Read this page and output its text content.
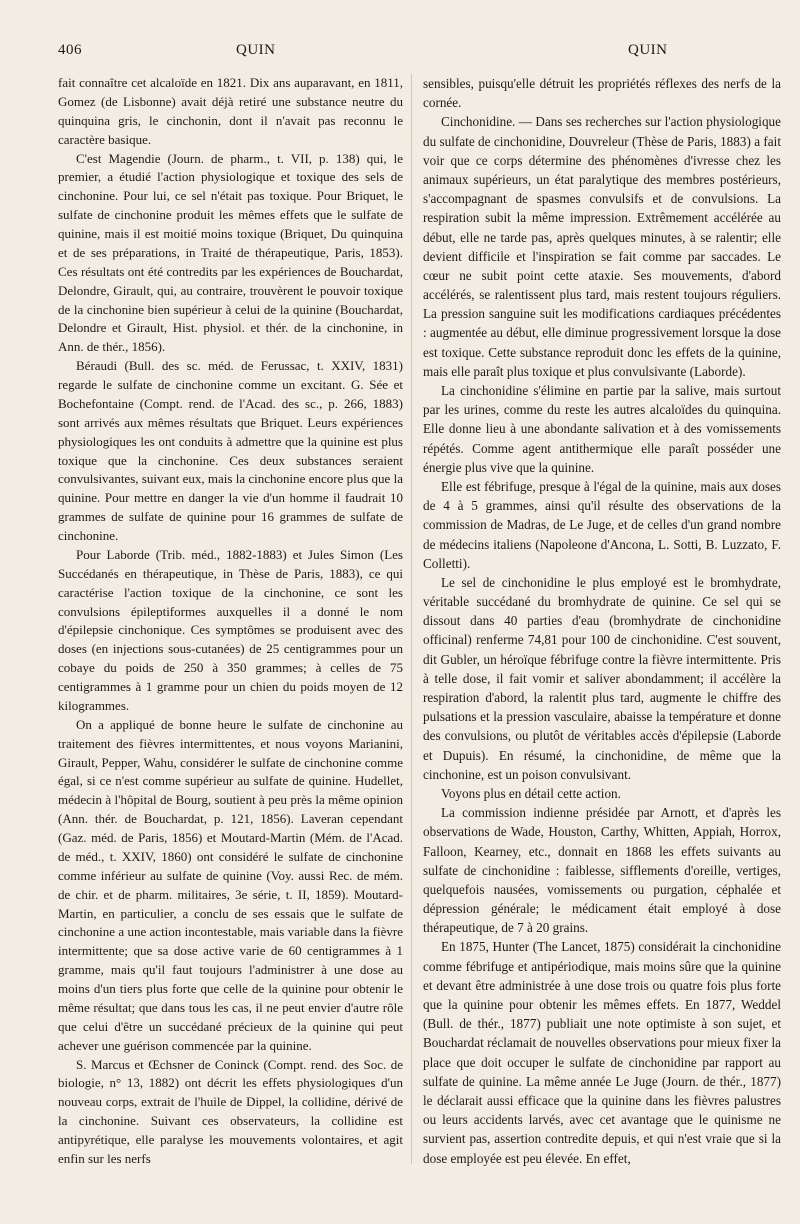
406	QUIN	QUIN

fait connaître cet alcaloïde en 1821. Dix ans auparavant, en 1811, Gomez (de Lisbonne) avait déjà retiré une substance neutre du quinquina gris, le cinchonin, dont il n'avait pas reconnu le caractère basique.

C'est Magendie (Journ. de pharm., t. VII, p. 138) qui, le premier, a étudié l'action physiologique et toxique des sels de cinchonine. Pour lui, ce sel n'était pas toxique. Pour Briquet, le sulfate de cinchonine produit les mêmes effets que le sulfate de quinine, mais il est moitié moins toxique (Briquet, Du quinquina et de ses préparations, in Traité de thérapeutique, Paris, 1853). Ces résultats ont été contredits par les expériences de Bouchardat, Delondre, Girault, qui, au contraire, trouvèrent le pouvoir toxique de la cinchonine bien supérieur à celui de la quinine (Bouchardat, Delondre et Girault, Hist. physiol. et thér. de la cinchonine, in Ann. de thér., 1856).

Béraudi (Bull. des sc. méd. de Ferussac, t. XXIV, 1831) regarde le sulfate de cinchonine comme un excitant. G. Sée et Bochefontaine (Compt. rend. de l'Acad. des sc., p. 266, 1883) sont arrivés aux mêmes résultats que Briquet. Leurs expériences physiologiques les ont conduits à admettre que la quinine est plus toxique que la cinchonine. Ces deux substances seraient convulsivantes, suivant eux, mais la cinchonine encore plus que la quinine. Pour mettre en danger la vie d'un homme il faudrait 10 grammes de sulfate de quinine pour 16 grammes de sulfate de cinchonine.

Pour Laborde (Trib. méd., 1882-1883) et Jules Simon (Les Succédanés en thérapeutique, in Thèse de Paris, 1883), ce qui caractérise l'action toxique de la cinchonine, ce sont les convulsions épileptiformes auxquelles il a donné le nom d'épilepsie cinchonique. Ces symptômes se produisent avec des doses (en injections sous-cutanées) de 25 centigrammes pour un cobaye du poids de 250 à 350 grammes; à celles de 75 centigrammes à 1 gramme pour un chien du poids moyen de 12 kilogrammes.

On a appliqué de bonne heure le sulfate de cinchonine au traitement des fièvres intermittentes, et nous voyons Marianini, Girault, Pepper, Wahu, considérer le sulfate de cinchonine comme égal, si ce n'est comme supérieur au sulfate de quinine. Hudellet, médecin à l'hôpital de Bourg, soutient à peu près la même opinion (Ann. thér. de Bouchardat, p. 121, 1856). Laveran cependant (Gaz. méd. de Paris, 1856) et Moutard-Martin (Mém. de l'Acad. de méd., t. XXIV, 1860) ont considéré le sulfate de cinchonine comme inférieur au sulfate de quinine (Voy. aussi Rec. de mém. de chir. et de pharm. militaires, 3e série, t. II, 1859). Moutard-Martin, en particulier, a conclu de ses essais que le sulfate de cinchonine a une action incontestable, mais variable dans la fièvre intermittente; que sa dose active varie de 60 centigrammes à 1 gramme, mais qu'il faut toujours l'administrer à une dose au moins d'un tiers plus forte que celle de la quinine pour obtenir le même résultat; que dans tous les cas, il ne peut envier d'autre rôle que celui d'être un succédané précieux de la quinine qui peut achever une guérison commencée par la quinine.

S. Marcus et Œchsner de Coninck (Compt. rend. des Soc. de biologie, n° 13, 1882) ont décrit les effets physiologiques d'un nouveau corps, extrait de l'huile de Dippel, la collidine, dérivé de la cinchonine. Suivant ces observateurs, la collidine est antipyrétique, elle paralyse les mouvements volontaires, et agit enfin sur les nerfs

sensibles, puisqu'elle détruit les propriétés réflexes des nerfs de la cornée.

Cinchonidine. — Dans ses recherches sur l'action physiologique du sulfate de cinchonidine, Douvreleur (Thèse de Paris, 1883) a fait voir que ce corps détermine des phénomènes d'ivresse chez les animaux supérieurs, un état paralytique des membres postérieurs, s'accompagnant de spasmes convulsifs et de convulsions. La respiration subit la même impression. Extrêmement accélérée au début, elle ne tarde pas, après quelques minutes, à se ralentir; elle devient difficile et l'inspiration se fait comme par saccades. Le cœur ne subit point cette ataxie. Ses mouvements, d'abord accélérés, se ralentissent plus tard, mais restent toujours réguliers. La pression sanguine suit les modifications cardiaques précédentes : augmentée au début, elle diminue progressivement lorsque la dose est toxique. Cette substance reproduit donc les effets de la quinine, mais elle paraît plus toxique et plus convulsivante (Laborde).

La cinchonidine s'élimine en partie par la salive, mais surtout par les urines, comme du reste les autres alcaloïdes du quinquina. Elle donne lieu à une abondante salivation et à des vomissements répétés. Comme agent antithermique elle paraît posséder une énergie plus vive que la quinine.

Elle est fébrifuge, presque à l'égal de la quinine, mais aux doses de 4 à 5 grammes, ainsi qu'il résulte des observations de la commission de Madras, de Le Juge, et de celles d'un grand nombre de médecins italiens (Napoleone d'Ancona, L. Sotti, B. Luzzato, F. Colletti).

Le sel de cinchonidine le plus employé est le bromhydrate, véritable succédané du bromhydrate de quinine. Ce sel qui se dissout dans 40 parties d'eau (bromhydrate de cinchonidine officinal) renferme 74,81 pour 100 de cinchonidine. C'est souvent, dit Gubler, un héroïque fébrifuge contre la fièvre intermittente. Pris à telle dose, il fait vomir et saliver abondamment; il accélère la respiration d'abord, la ralentit plus tard, augmente le chiffre des pulsations et la pression vasculaire, abaisse la température et donne des convulsions, ou plutôt de véritables accès d'épilepsie (Laborde et Dupuis). En résumé, la cinchonidine, de même que la cinchonine, est un poison convulsivant.

Voyons plus en détail cette action.

La commission indienne présidée par Arnott, et d'après les observations de Wade, Houston, Carthy, Whitten, Appiah, Horrox, Falloon, Kearney, etc., donnait en 1868 les effets suivants au sulfate de cinchonidine : faiblesse, sifflements d'oreille, vertiges, quelquefois nausées, vomissements ou purgation, céphalée et dépression générale; le médicament était employé à dose thérapeutique, de 7 à 20 grains.

En 1875, Hunter (The Lancet, 1875) considérait la cinchonidine comme fébrifuge et antipériodique, mais moins sûre que la quinine et devant être administrée à une dose trois ou quatre fois plus forte que la quinine pour obtenir les mêmes effets. En 1877, Weddel (Bull. de thér., 1877) publiait une note optimiste à son sujet, et Bouchardat réclamait de nouvelles observations pour mieux fixer la place que doit occuper le sulfate de cinchonidine par rapport au sulfate de quinine. La même année Le Juge (Journ. de thér., 1877) le déclarait aussi efficace que la quinine dans les fièvres palustres ou leurs accidents larvés, avec cet avantage que le quinisme ne survient pas, assertion contredite depuis, et qui n'est vraie que si la dose employée est peu élevée. En effet,
